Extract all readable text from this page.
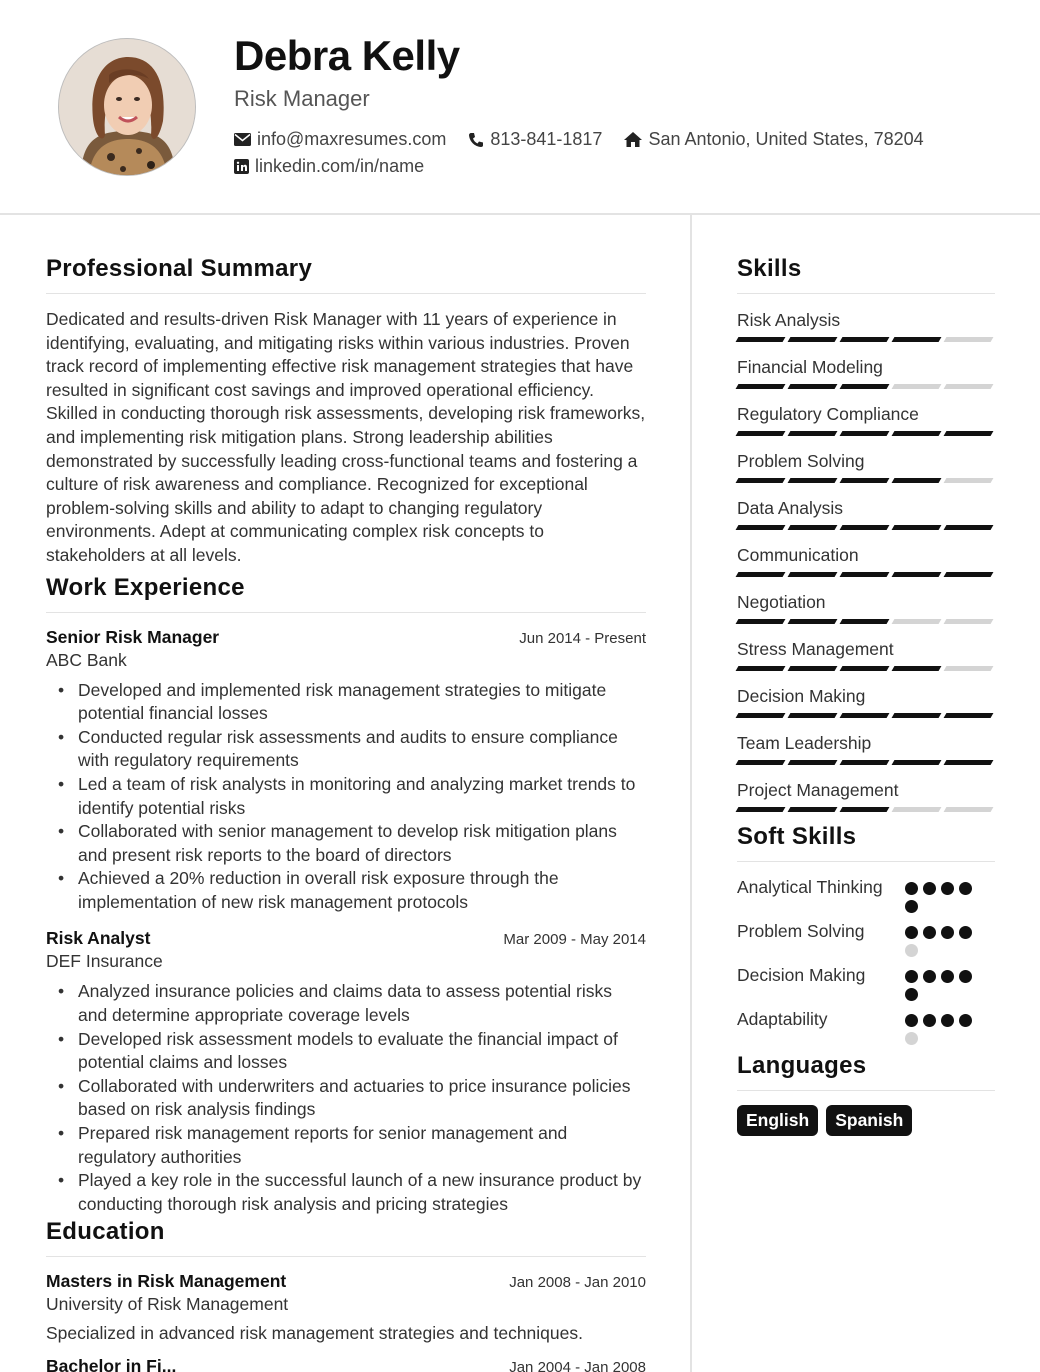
Debra Kelly
Risk Manager
info@maxresumes.com 813-841-1817	San Antonio, United States, 78204
linkedin.com/in/name
Professional Summary
Dedicated and results-driven Risk Manager with 11 years of experience in identifying, evaluating, and mitigating risks within various industries. Proven track record of implementing effective risk management strategies that have resulted in significant cost savings and improved operational efficiency. Skilled in conducting thorough risk assessments, developing risk frameworks, and implementing risk mitigation plans. Strong leadership abilities demonstrated by successfully leading cross-functional teams and fostering a culture of risk awareness and compliance. Recognized for exceptional problem-solving skills and ability to adapt to changing regulatory environments. Adept at communicating complex risk concepts to stakeholders at all levels.
Work Experience
Senior Risk Manager	Jun 2014 - Present
ABC Bank
• Developed and implemented risk management strategies to mitigate potential financial losses
• Conducted regular risk assessments and audits to ensure compliance with regulatory requirements
• Led a team of risk analysts in monitoring and analyzing market trends to identify potential risks
• Collaborated with senior management to develop risk mitigation plans and present risk reports to the board of directors
• Achieved a 20% reduction in overall risk exposure through the implementation of new risk management protocols
Risk Analyst	Mar 2009 - May 2014
DEF Insurance
• Analyzed insurance policies and claims data to assess potential risks and determine appropriate coverage levels
• Developed risk assessment models to evaluate the financial impact of potential claims and losses
• Collaborated with underwriters and actuaries to price insurance policies based on risk analysis findings
• Prepared risk management reports for senior management and regulatory authorities
• Played a key role in the successful launch of a new insurance product by conducting thorough risk analysis and pricing strategies
Education
Masters in Risk Management	Jan 2008 - Jan 2010
University of Risk Management
Specialized in advanced risk management strategies and techniques.
Bachelor in Fi...	Jan 2004 - Jan 2008
Skills
Risk Analysis
Financial Modeling
Regulatory Compliance
Problem Solving
Data Analysis
Communication
Negotiation
Stress Management
Decision Making
Team Leadership
Project Management
Soft Skills
Analytical Thinking
Problem Solving
Decision Making
Adaptability
Languages
English	Spanish
